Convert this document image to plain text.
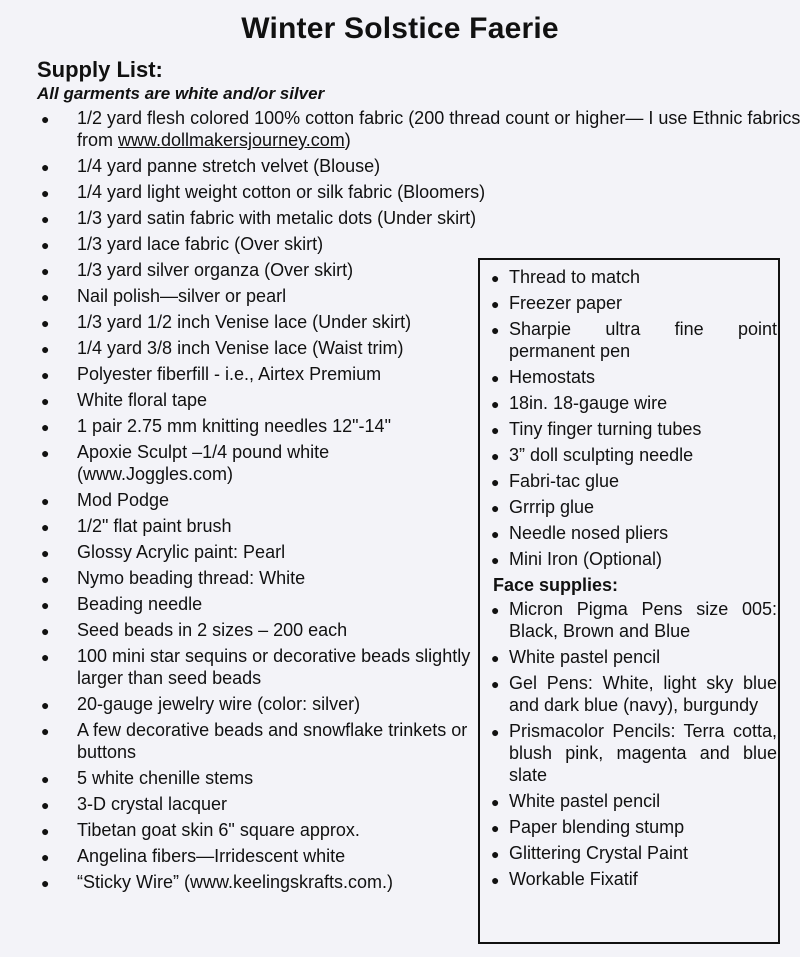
Winter Solstice Faerie
Supply List:
All garments are white and/or silver
● 1/2 yard flesh colored 100% cotton fabric (200 thread count or higher— I use Ethnic fabrics from www.dollmakersjourney.com)
● 1/4 yard panne stretch velvet (Blouse)
● 1/4 yard light weight cotton or silk fabric (Bloomers)
● 1/3 yard satin fabric with metalic dots (Under skirt)
● 1/3 yard lace fabric (Over skirt)
● 1/3 yard silver organza (Over skirt)
● Nail polish—silver or pearl
● 1/3 yard 1/2 inch Venise lace (Under skirt)
● 1/4 yard 3/8 inch Venise lace (Waist trim)
● Polyester fiberfill - i.e., Airtex Premium
● White floral tape
● 1 pair 2.75 mm knitting needles 12"-14"
● Apoxie Sculpt –1/4 pound white (www.Joggles.com)
● Mod Podge
● 1/2" flat paint brush
● Glossy Acrylic paint: Pearl
● Nymo beading thread: White
● Beading needle
● Seed beads in 2 sizes – 200 each
● 100 mini star sequins or decorative beads slightly larger than seed beads
● 20-gauge jewelry wire (color: silver)
● A few decorative beads and snowflake trinkets or buttons
● 5 white chenille stems
● 3-D crystal lacquer
● Tibetan goat skin 6" square approx.
● Angelina fibers—Irridescent white
● “Sticky Wire” (www.keelingskrafts.com.)
● Thread to match
● Freezer paper
● Sharpie ultra fine point permanent pen
● Hemostats
● 18in. 18-gauge wire
● Tiny finger turning tubes
● 3” doll sculpting needle
● Fabri-tac glue
● Grrrip glue
● Needle nosed pliers
● Mini Iron (Optional)
Face supplies:
● Micron Pigma Pens size 005: Black, Brown and Blue
● White pastel pencil
● Gel Pens: White, light sky blue and dark blue (navy), burgundy
● Prismacolor Pencils: Terra cotta, blush pink, magenta and blue slate
● White pastel pencil
● Paper blending stump
● Glittering Crystal Paint
● Workable Fixatif
